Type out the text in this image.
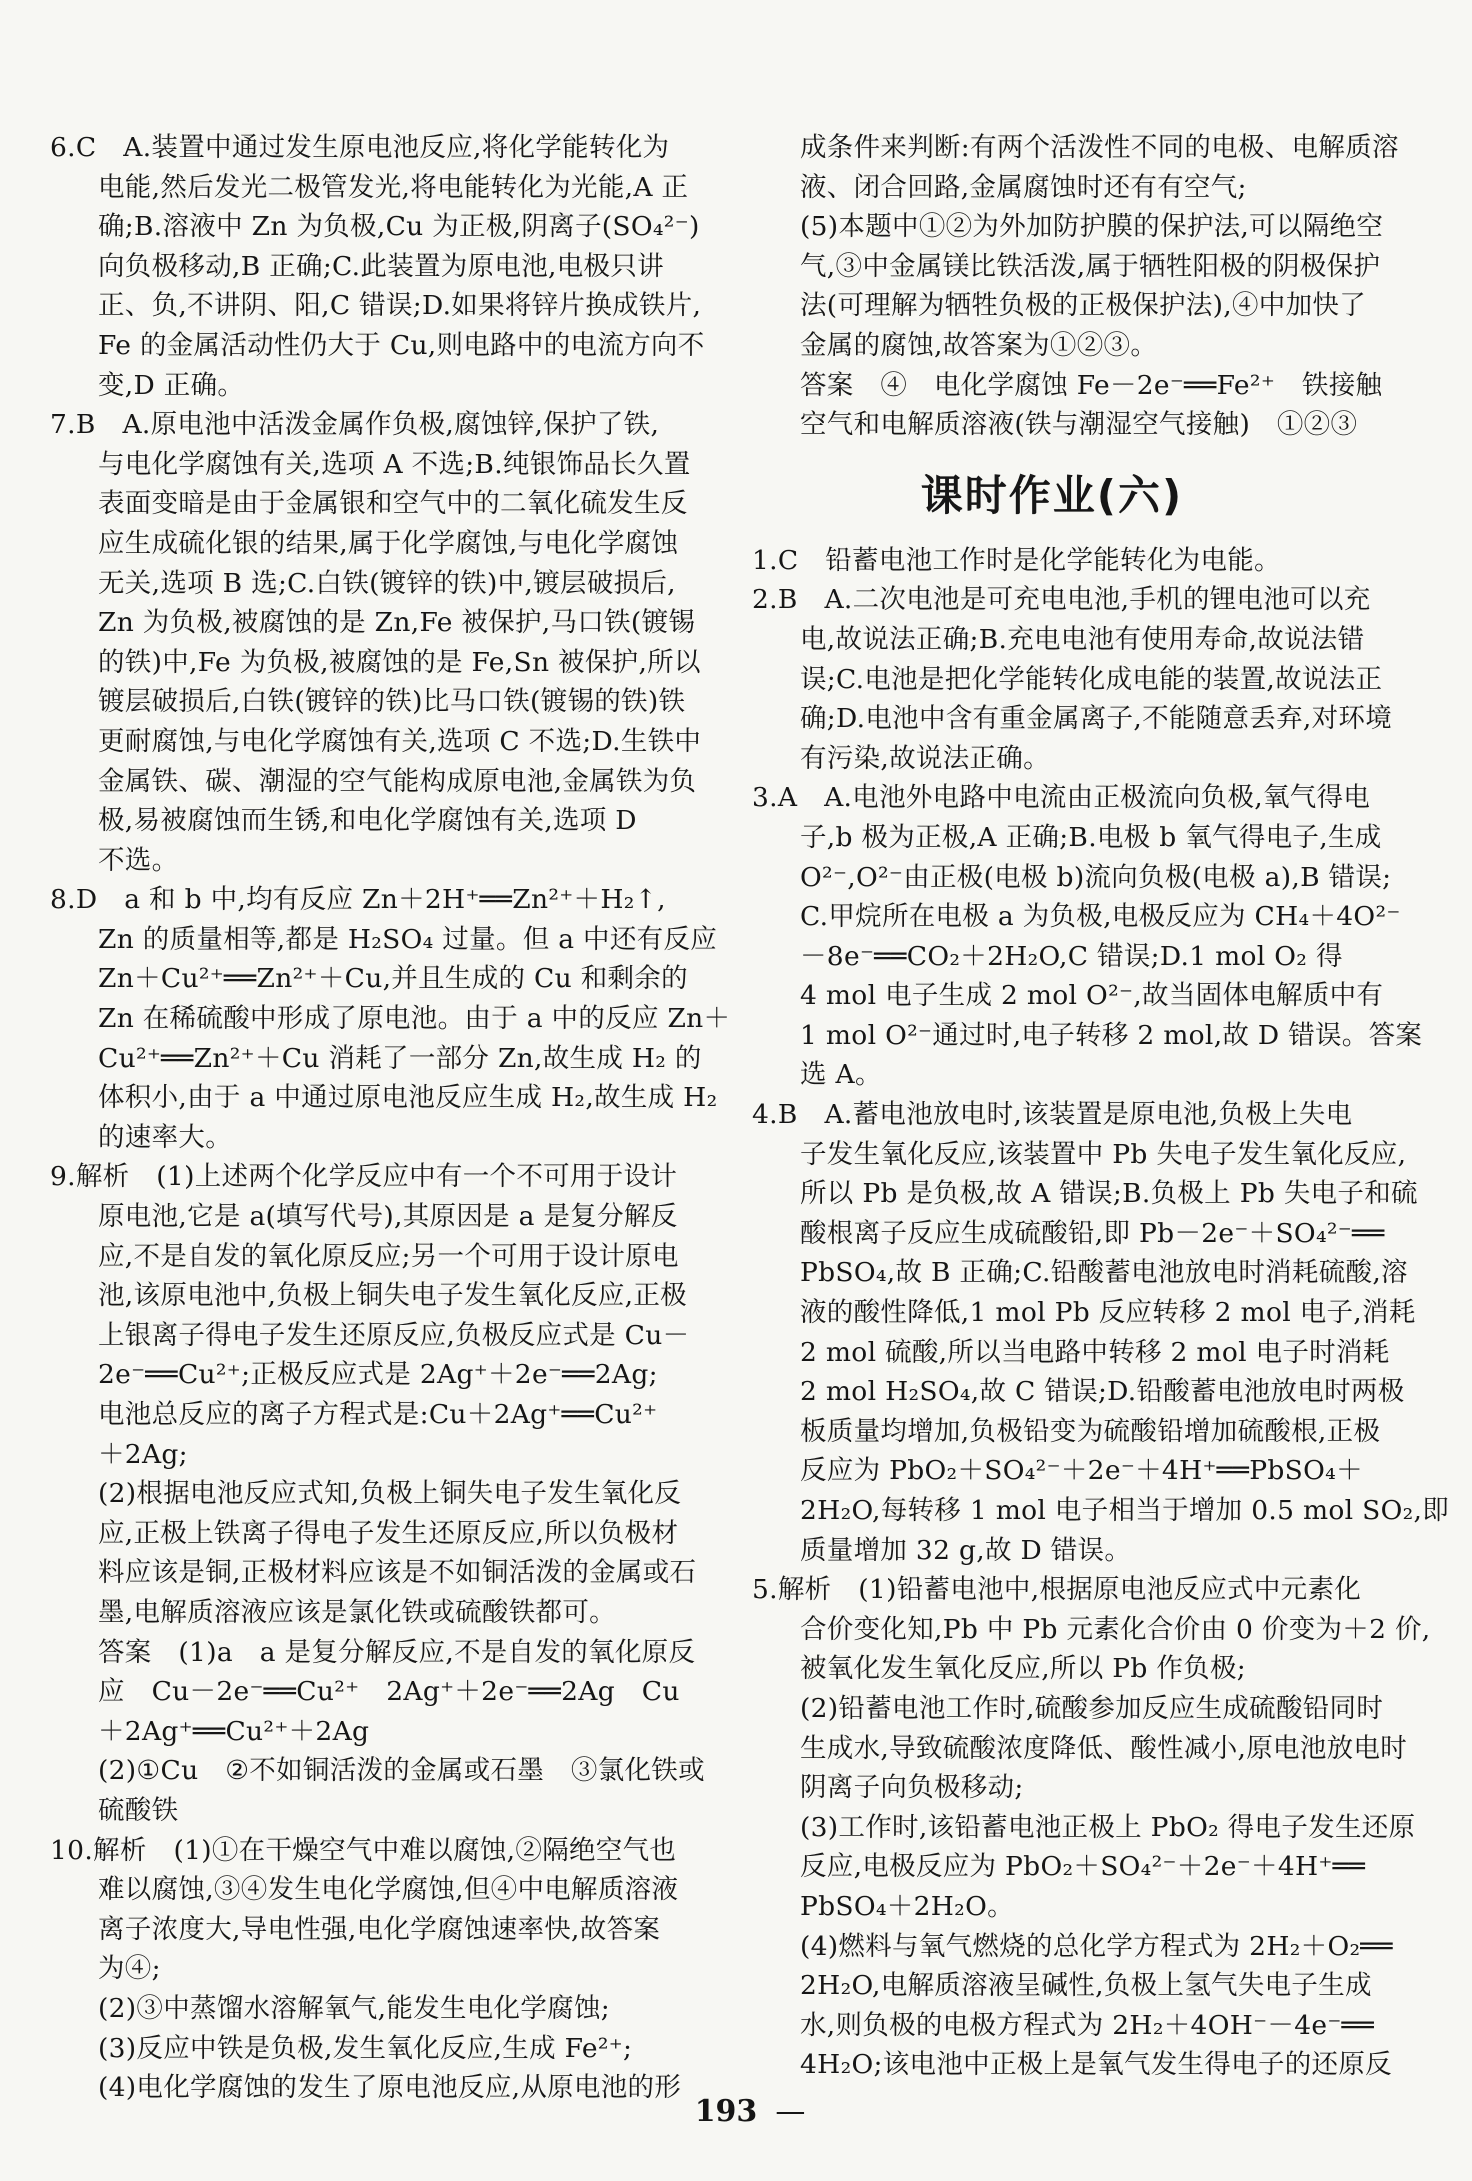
6.C　A.装置中通过发生原电池反应,将化学能转化为
电能,然后发光二极管发光,将电能转化为光能,A 正
确;B.溶液中 Zn 为负极,Cu 为正极,阴离子(SO₄²⁻)
向负极移动,B 正确;C.此装置为原电池,电极只讲
正、负,不讲阴、阳,C 错误;D.如果将锌片换成铁片,
Fe 的金属活动性仍大于 Cu,则电路中的电流方向不
变,D 正确。
7.B　A.原电池中活泼金属作负极,腐蚀锌,保护了铁,
与电化学腐蚀有关,选项 A 不选;B.纯银饰品长久置
表面变暗是由于金属银和空气中的二氧化硫发生反
应生成硫化银的结果,属于化学腐蚀,与电化学腐蚀
无关,选项 B 选;C.白铁(镀锌的铁)中,镀层破损后,
Zn 为负极,被腐蚀的是 Zn,Fe 被保护,马口铁(镀锡
的铁)中,Fe 为负极,被腐蚀的是 Fe,Sn 被保护,所以
镀层破损后,白铁(镀锌的铁)比马口铁(镀锡的铁)铁
更耐腐蚀,与电化学腐蚀有关,选项 C 不选;D.生铁中
金属铁、碳、潮湿的空气能构成原电池,金属铁为负
极,易被腐蚀而生锈,和电化学腐蚀有关,选项 D
不选。
8.D　a 和 b 中,均有反应 Zn＋2H⁺══Zn²⁺＋H₂↑,
Zn 的质量相等,都是 H₂SO₄ 过量。但 a 中还有反应
Zn＋Cu²⁺══Zn²⁺＋Cu,并且生成的 Cu 和剩余的
Zn 在稀硫酸中形成了原电池。由于 a 中的反应 Zn＋
Cu²⁺══Zn²⁺＋Cu 消耗了一部分 Zn,故生成 H₂ 的
体积小,由于 a 中通过原电池反应生成 H₂,故生成 H₂
的速率大。
9.解析　(1)上述两个化学反应中有一个不可用于设计
原电池,它是 a(填写代号),其原因是 a 是复分解反
应,不是自发的氧化原反应;另一个可用于设计原电
池,该原电池中,负极上铜失电子发生氧化反应,正极
上银离子得电子发生还原反应,负极反应式是 Cu－
2e⁻══Cu²⁺;正极反应式是 2Ag⁺＋2e⁻══2Ag;
电池总反应的离子方程式是:Cu＋2Ag⁺══Cu²⁺
＋2Ag;
(2)根据电池反应式知,负极上铜失电子发生氧化反
应,正极上铁离子得电子发生还原反应,所以负极材
料应该是铜,正极材料应该是不如铜活泼的金属或石
墨,电解质溶液应该是氯化铁或硫酸铁都可。
答案　(1)a　a 是复分解反应,不是自发的氧化原反
应　Cu－2e⁻══Cu²⁺　2Ag⁺＋2e⁻══2Ag　Cu
＋2Ag⁺══Cu²⁺＋2Ag
(2)①Cu　②不如铜活泼的金属或石墨　③氯化铁或
硫酸铁
10.解析　(1)①在干燥空气中难以腐蚀,②隔绝空气也
难以腐蚀,③④发生电化学腐蚀,但④中电解质溶液
离子浓度大,导电性强,电化学腐蚀速率快,故答案
为④;
(2)③中蒸馏水溶解氧气,能发生电化学腐蚀;
(3)反应中铁是负极,发生氧化反应,生成 Fe²⁺;
(4)电化学腐蚀的发生了原电池反应,从原电池的形
成条件来判断:有两个活泼性不同的电极、电解质溶
液、闭合回路,金属腐蚀时还有有空气;
(5)本题中①②为外加防护膜的保护法,可以隔绝空
气,③中金属镁比铁活泼,属于牺牲阳极的阴极保护
法(可理解为牺牲负极的正极保护法),④中加快了
金属的腐蚀,故答案为①②③。
答案　④　电化学腐蚀 Fe－2e⁻══Fe²⁺　铁接触
空气和电解质溶液(铁与潮湿空气接触)　①②③
课时作业(六)
1.C　铅蓄电池工作时是化学能转化为电能。
2.B　A.二次电池是可充电电池,手机的锂电池可以充
电,故说法正确;B.充电电池有使用寿命,故说法错
误;C.电池是把化学能转化成电能的装置,故说法正
确;D.电池中含有重金属离子,不能随意丢弃,对环境
有污染,故说法正确。
3.A　A.电池外电路中电流由正极流向负极,氧气得电
子,b 极为正极,A 正确;B.电极 b 氧气得电子,生成
O²⁻,O²⁻由正极(电极 b)流向负极(电极 a),B 错误;
C.甲烷所在电极 a 为负极,电极反应为 CH₄＋4O²⁻
－8e⁻══CO₂＋2H₂O,C 错误;D.1 mol O₂ 得
4 mol 电子生成 2 mol O²⁻,故当固体电解质中有
1 mol O²⁻通过时,电子转移 2 mol,故 D 错误。答案
选 A。
4.B　A.蓄电池放电时,该装置是原电池,负极上失电
子发生氧化反应,该装置中 Pb 失电子发生氧化反应,
所以 Pb 是负极,故 A 错误;B.负极上 Pb 失电子和硫
酸根离子反应生成硫酸铅,即 Pb－2e⁻＋SO₄²⁻══
PbSO₄,故 B 正确;C.铅酸蓄电池放电时消耗硫酸,溶
液的酸性降低,1 mol Pb 反应转移 2 mol 电子,消耗
2 mol 硫酸,所以当电路中转移 2 mol 电子时消耗
2 mol H₂SO₄,故 C 错误;D.铅酸蓄电池放电时两极
板质量均增加,负极铅变为硫酸铅增加硫酸根,正极
反应为 PbO₂＋SO₄²⁻＋2e⁻＋4H⁺══PbSO₄＋
2H₂O,每转移 1 mol 电子相当于增加 0.5 mol SO₂,即
质量增加 32 g,故 D 错误。
5.解析　(1)铅蓄电池中,根据原电池反应式中元素化
合价变化知,Pb 中 Pb 元素化合价由 0 价变为＋2 价,
被氧化发生氧化反应,所以 Pb 作负极;
(2)铅蓄电池工作时,硫酸参加反应生成硫酸铅同时
生成水,导致硫酸浓度降低、酸性减小,原电池放电时
阴离子向负极移动;
(3)工作时,该铅蓄电池正极上 PbO₂ 得电子发生还原
反应,电极反应为 PbO₂＋SO₄²⁻＋2e⁻＋4H⁺══
PbSO₄＋2H₂O。
(4)燃料与氧气燃烧的总化学方程式为 2H₂＋O₂══
2H₂O,电解质溶液呈碱性,负极上氢气失电子生成
水,则负极的电极方程式为 2H₂＋4OH⁻－4e⁻══
4H₂O;该电池中正极上是氧气发生得电子的还原反
193 —
